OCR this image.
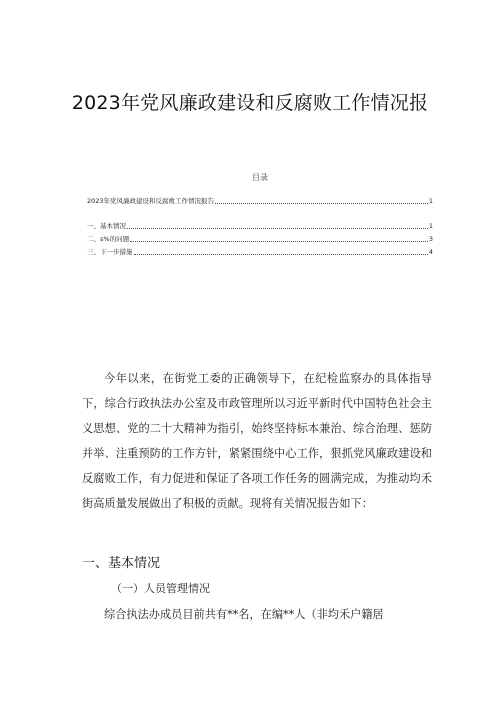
2023年党风廉政建设和反腐败工作情况报
目录
2023年党风廉政建设和反腐败工作情况报告	1
一、基本情况	1
二、s%的问题	3
三、下一步措施	4

今年以来，在街党工委的正确领导下，在纪检监察办的具体指导下，综合行政执法办公室及市政管理所以习近平新时代中国特色社会主义思想、党的二十大精神为指引，始终坚持标本兼治、综合治理、惩防并举、注重预防的工作方针，紧紧围绕中心工作，狠抓党风廉政建设和反腐败工作，有力促进和保证了各项工作任务的圆满完成，为推动均禾街高质量发展做出了积极的贡献。现将有关情况报告如下：

一、基本情况
（一）人员管理情况

综合执法办成员目前共有**名，在编**人（非均禾户籍居
